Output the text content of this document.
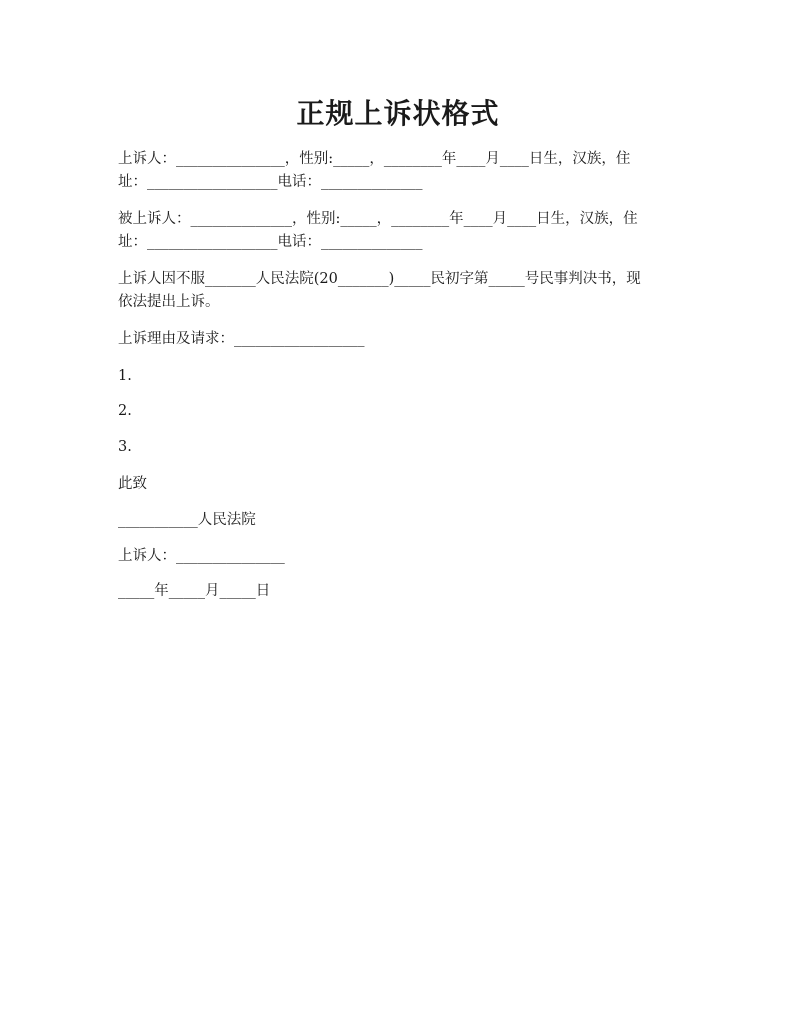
正规上诉状格式

上诉人：_______________，性别:_____，________年____月____日生，汉族，住
址：__________________电话：______________

被上诉人：______________，性别:_____，________年____月____日生，汉族，住
址：__________________电话：______________

上诉人因不服_______人民法院(20_______)_____民初字第_____号民事判决书，现
依法提出上诉。

上诉理由及请求：__________________

1.

2.

3.

此致

___________人民法院

上诉人：_______________

_____年_____月_____日
